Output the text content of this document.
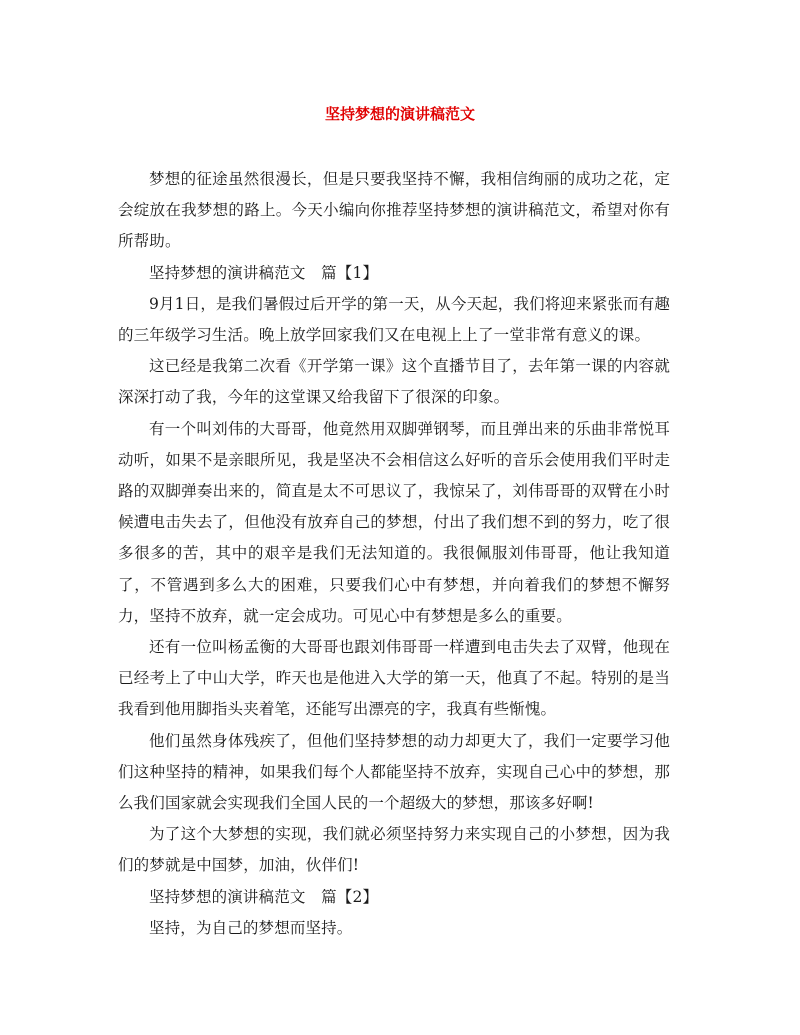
坚持梦想的演讲稿范文

梦想的征途虽然很漫长，但是只要我坚持不懈，我相信绚丽的成功之花，定会绽放在我梦想的路上。今天小编向你推荐坚持梦想的演讲稿范文，希望对你有所帮助。

坚持梦想的演讲稿范文　篇【1】

9月1日，是我们暑假过后开学的第一天，从今天起，我们将迎来紧张而有趣的三年级学习生活。晚上放学回家我们又在电视上上了一堂非常有意义的课。

这已经是我第二次看《开学第一课》这个直播节目了，去年第一课的内容就深深打动了我，今年的这堂课又给我留下了很深的印象。

有一个叫刘伟的大哥哥，他竟然用双脚弹钢琴，而且弹出来的乐曲非常悦耳动听，如果不是亲眼所见，我是坚决不会相信这么好听的音乐会使用我们平时走路的双脚弹奏出来的，简直是太不可思议了，我惊呆了，刘伟哥哥的双臂在小时候遭电击失去了，但他没有放弃自己的梦想，付出了我们想不到的努力，吃了很多很多的苦，其中的艰辛是我们无法知道的。我很佩服刘伟哥哥，他让我知道了，不管遇到多么大的困难，只要我们心中有梦想，并向着我们的梦想不懈努力，坚持不放弃，就一定会成功。可见心中有梦想是多么的重要。

还有一位叫杨孟衡的大哥哥也跟刘伟哥哥一样遭到电击失去了双臂，他现在已经考上了中山大学，昨天也是他进入大学的第一天，他真了不起。特别的是当我看到他用脚指头夹着笔，还能写出漂亮的字，我真有些惭愧。

他们虽然身体残疾了，但他们坚持梦想的动力却更大了，我们一定要学习他们这种坚持的精神，如果我们每个人都能坚持不放弃，实现自己心中的梦想，那么我们国家就会实现我们全国人民的一个超级大的梦想，那该多好啊!

为了这个大梦想的实现，我们就必须坚持努力来实现自己的小梦想，因为我们的梦就是中国梦，加油，伙伴们!

坚持梦想的演讲稿范文　篇【2】

坚持，为自己的梦想而坚持。
